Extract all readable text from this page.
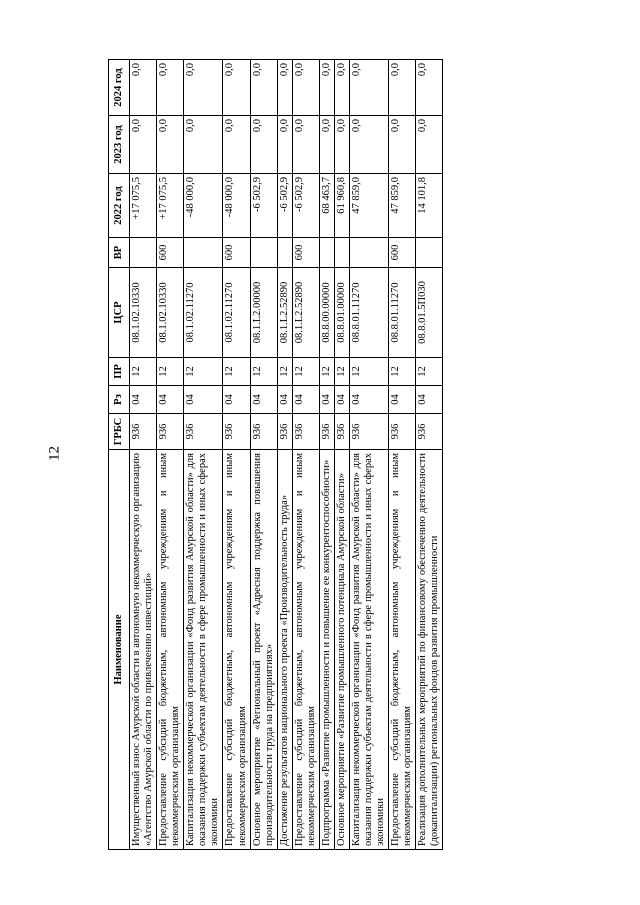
12
Наименование	ГРБС	Рз	ПР	ЦСР	ВР	2022 год	2023 год	2024 год
Имущественный взнос Амурской области в автономную некоммерческую организацию «Агентство Амурской области по привлечению инвестиций»	936	04	12	08.1.02.10330		+17 075,5	0,0	0,0
Предоставление субсидий бюджетным, автономным учреждениям и иным некоммерческим организациям	936	04	12	08.1.02.10330	600	+17 075,5	0,0	0,0
Капитализация некоммерческой организации «Фонд развития Амурской области» для оказания поддержки субъектам деятельности в сфере промышленности и иных сферах экономики	936	04	12	08.1.02.11270		-48 000,0	0,0	0,0
Предоставление субсидий бюджетным, автономным учреждениям и иным некоммерческим организациям	936	04	12	08.1.02.11270	600	-48 000,0	0,0	0,0
Основное мероприятие «Региональный проект «Адресная поддержка повышения производительности труда на предприятиях»	936	04	12	08.1.L2.00000		-6 502,9	0,0	0,0
Достижение результатов национального проекта «Производительность труда»	936	04	12	08.1.L2.52890		-6 502,9	0,0	0,0
Предоставление субсидий бюджетным, автономным учреждениям и иным некоммерческим организациям	936	04	12	08.1.L2.52890	600	-6 502,9	0,0	0,0
Подпрограмма «Развитие промышленности и повышение ее конкурентоспособности»	936	04	12	08.8.00.00000		68 463,7	0,0	0,0
Основное мероприятие «Развитие промышленного потенциала Амурской области»	936	04	12	08.8.01.00000		61 960,8	0,0	0,0
Капитализация некоммерческой организации «Фонд развития Амурской области» для оказания поддержки субъектам деятельности в сфере промышленности и иных сферах экономики	936	04	12	08.8.01.11270		47 859,0	0,0	0,0
Предоставление субсидий бюджетным, автономным учреждениям и иным некоммерческим организациям	936	04	12	08.8.01.11270	600	47 859,0	0,0	0,0
Реализация дополнительных мероприятий по финансовому обеспечению деятельности (докапитализации) региональных фондов развития промышленности	936	04	12	08.8.01.5П030		14 101,8	0,0	0,0
